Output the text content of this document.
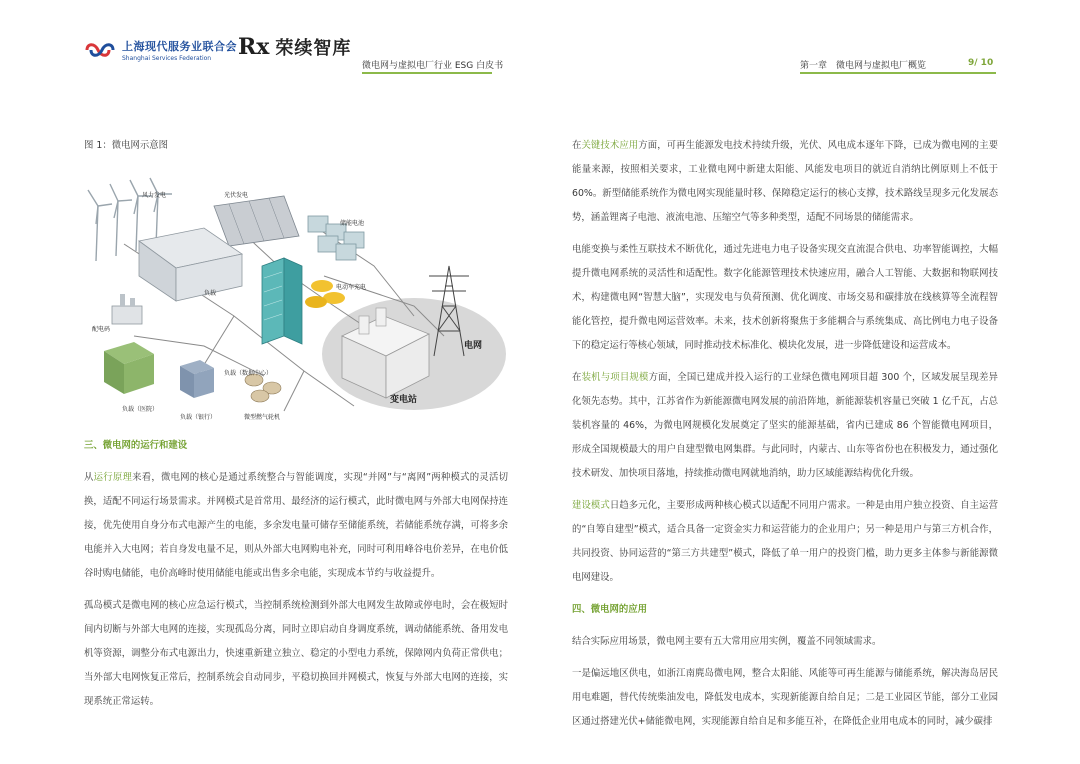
上海现代服务业联合会
Shanghai Services Federation	Rx 荣续智库
微电网与虚拟电厂行业 ESG 白皮书	第一章　微电网与虚拟电厂概览	9/ 10

图 1：微电网示意图

风力发电	光伏发电
储能电池
电动车充电
负载
配电码
负载（数据中心）
负载（医院）
负载（银行）	微型燃气轮机
电网
变电站

三、微电网的运行和建设

从运行原理来看，微电网的核心是通过系统整合与智能调度，实现“并网”与“离网”两种模式的灵活切换，适配不同运行场景需求。并网模式是首常用、最经济的运行模式，此时微电网与外部大电网保持连接，优先使用自身分布式电源产生的电能，多余发电量可储存至储能系统，若储能系统存满，可将多余电能并入大电网；若自身发电量不足，则从外部大电网购电补充，同时可利用峰谷电价差异，在电价低谷时购电储能，电价高峰时使用储能电能或出售多余电能，实现成本节约与收益提升。

孤岛模式是微电网的核心应急运行模式，当控制系统检测到外部大电网发生故障或停电时，会在极短时间内切断与外部大电网的连接，实现孤岛分离，同时立即启动自身调度系统，调动储能系统、备用发电机等资源，调整分布式电源出力，快速重新建立独立、稳定的小型电力系统，保障网内负荷正常供电；当外部大电网恢复正常后，控制系统会自动同步，平稳切换回并网模式，恢复与外部大电网的连接，实现系统正常运转。

在关键技术应用方面，可再生能源发电技术持续升级，光伏、风电成本逐年下降，已成为微电网的主要能量来源，按照相关要求，工业微电网中新建太阳能、风能发电项目的就近自消纳比例原则上不低于60%。新型储能系统作为微电网实现能量时移、保障稳定运行的核心支撑，技术路线呈现多元化发展态势，涵盖锂离子电池、液流电池、压缩空气等多种类型，适配不同场景的储能需求。

电能变换与柔性互联技术不断优化，通过先进电力电子设备实现交直流混合供电、功率智能调控，大幅提升微电网系统的灵活性和适配性。数字化能源管理技术快速应用，融合人工智能、大数据和物联网技术，构建微电网“智慧大脑”，实现发电与负荷预测、优化调度、市场交易和碳排放在线核算等全流程智能化管控，提升微电网运营效率。未来，技术创新将聚焦于多能耦合与系统集成、高比例电力电子设备下的稳定运行等核心领域，同时推动技术标准化、模块化发展，进一步降低建设和运营成本。

在装机与项目规模方面，全国已建成并投入运行的工业绿色微电网项目超 300 个，区域发展呈现差异化领先态势。其中，江苏省作为新能源微电网发展的前沿阵地，新能源装机容量已突破 1 亿千瓦，占总装机容量的 46%，为微电网规模化发展奠定了坚实的能源基础，省内已建成 86 个智能微电网项目，形成全国规模最大的用户自建型微电网集群。与此同时，内蒙古、山东等省份也在积极发力，通过强化技术研发、加快项目落地，持续推动微电网就地消纳，助力区域能源结构优化升级。

建设模式日趋多元化，主要形成两种核心模式以适配不同用户需求。一种是由用户独立投资、自主运营的“自筹自建型”模式，适合具备一定资金实力和运营能力的企业用户；另一种是用户与第三方机合作，共同投资、协同运营的“第三方共建型”模式，降低了单一用户的投资门槛，助力更多主体参与新能源微电网建设。

四、微电网的应用

结合实际应用场景，微电网主要有五大常用应用实例，覆盖不同领域需求。

一是偏远地区供电，如浙江南麂岛微电网，整合太阳能、风能等可再生能源与储能系统，解决海岛居民用电难题，替代传统柴油发电，降低发电成本，实现新能源自给自足；二是工业园区节能，部分工业园区通过搭建光伏+储能微电网，实现能源自给自足和多能互补，在降低企业用电成本的同时，减少碳排
